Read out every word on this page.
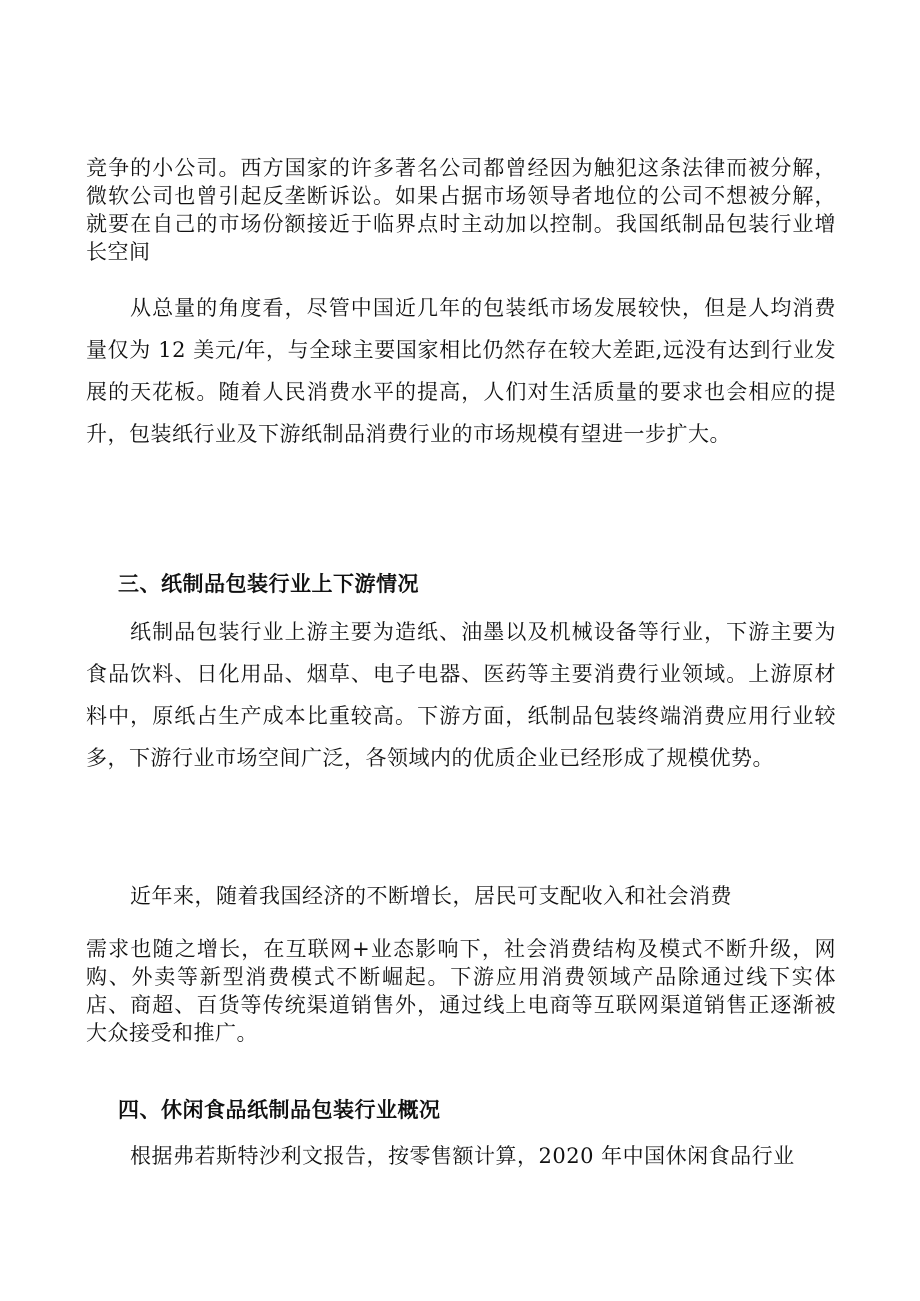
竞争的小公司。西方国家的许多著名公司都曾经因为触犯这条法律而被分解，微软公司也曾引起反垄断诉讼。如果占据市场领导者地位的公司不想被分解，就要在自己的市场份额接近于临界点时主动加以控制。我国纸制品包装行业增长空间

从总量的角度看，尽管中国近几年的包装纸市场发展较快，但是人均消费量仅为 12 美元/年，与全球主要国家相比仍然存在较大差距,远没有达到行业发展的天花板。随着人民消费水平的提高，人们对生活质量的要求也会相应的提升，包装纸行业及下游纸制品消费行业的市场规模有望进一步扩大。

三、纸制品包装行业上下游情况

纸制品包装行业上游主要为造纸、油墨以及机械设备等行业，下游主要为食品饮料、日化用品、烟草、电子电器、医药等主要消费行业领域。上游原材料中，原纸占生产成本比重较高。下游方面，纸制品包装终端消费应用行业较多，下游行业市场空间广泛，各领域内的优质企业已经形成了规模优势。

近年来，随着我国经济的不断增长，居民可支配收入和社会消费

需求也随之增长，在互联网+业态影响下，社会消费结构及模式不断升级，网购、外卖等新型消费模式不断崛起。下游应用消费领域产品除通过线下实体店、商超、百货等传统渠道销售外，通过线上电商等互联网渠道销售正逐渐被大众接受和推广。

四、休闲食品纸制品包装行业概况

根据弗若斯特沙利文报告，按零售额计算，2020 年中国休闲食品行业
